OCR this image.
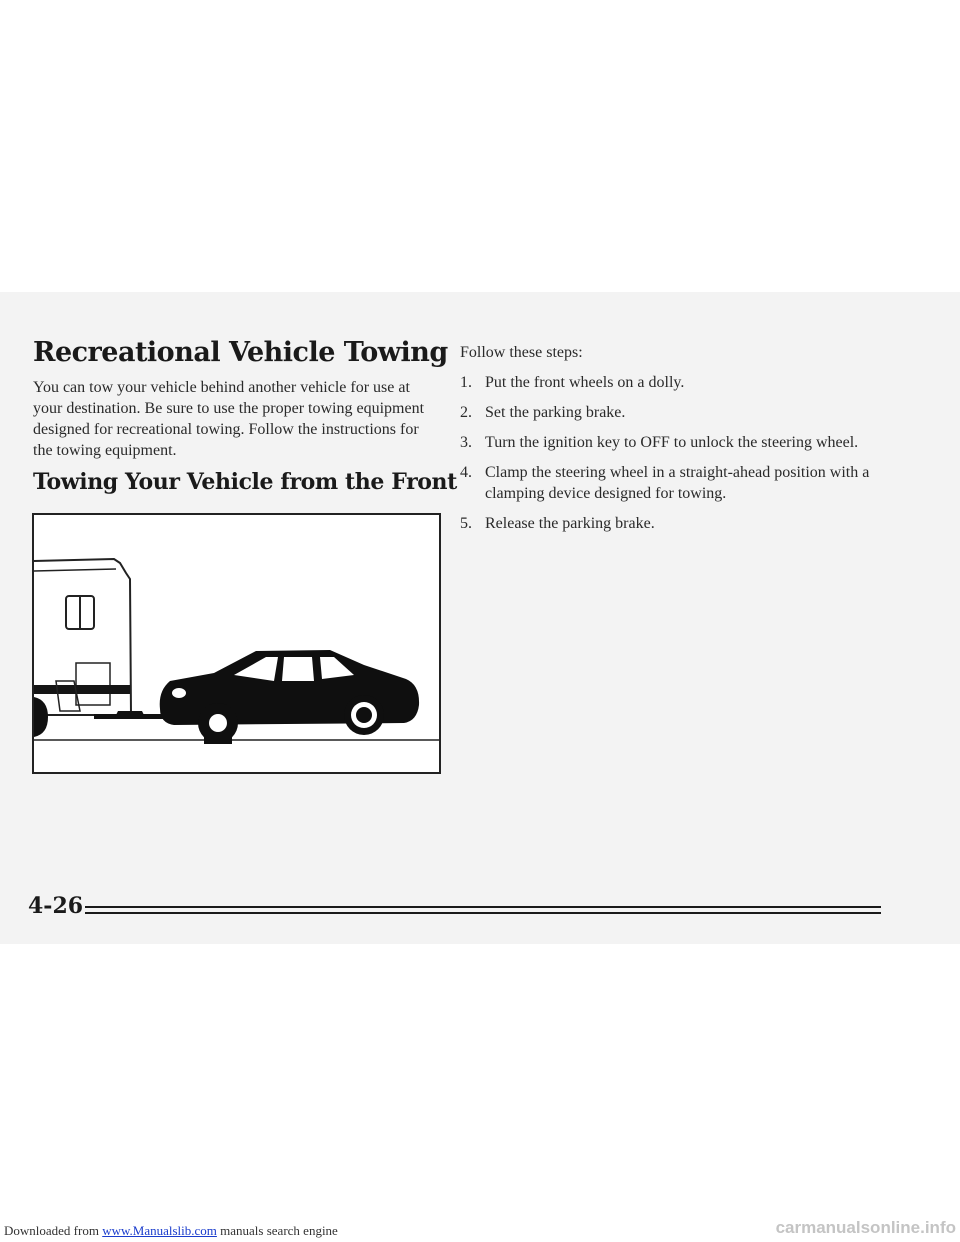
Recreational Vehicle Towing

You can tow your vehicle behind another vehicle for use at your destination. Be sure to use the proper towing equipment designed for recreational towing. Follow the instructions for the towing equipment.

Towing Your Vehicle from the Front

Follow these steps:

1. Put the front wheels on a dolly.
2. Set the parking brake.
3. Turn the ignition key to OFF to unlock the steering wheel.
4. Clamp the steering wheel in a straight-ahead position with a clamping device designed for towing.
5. Release the parking brake.

4-26

Downloaded from www.Manualslib.com manuals search engine	carmanualsonline.info
